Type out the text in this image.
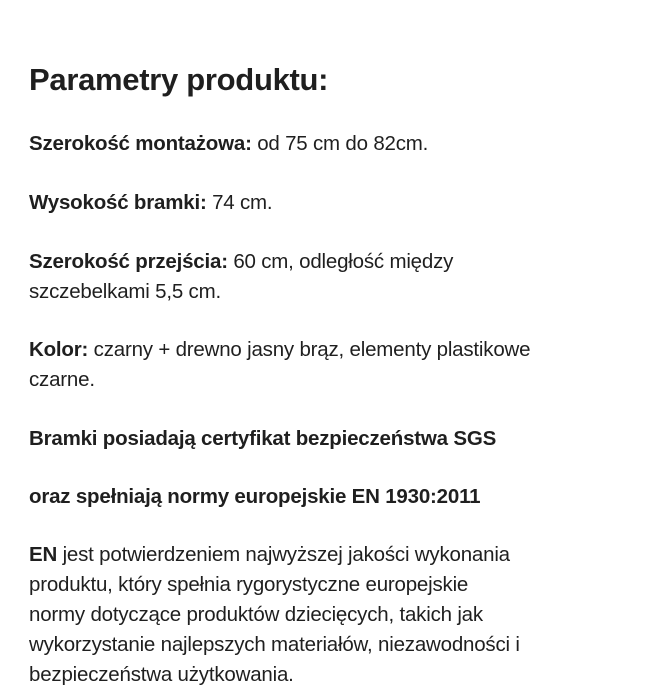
Parametry produktu:

Szerokość montażowa: od 75 cm do 82cm.

Wysokość bramki: 74 cm.

Szerokość przejścia: 60 cm, odległość między
szczebelkami 5,5 cm.

Kolor: czarny + drewno jasny brąz, elementy plastikowe
czarne.

Bramki posiadają certyfikat bezpieczeństwa SGS

oraz spełniają normy europejskie EN 1930:2011

EN jest potwierdzeniem najwyższej jakości wykonania
produktu, który spełnia rygorystyczne europejskie
normy dotyczące produktów dziecięcych, takich jak
wykorzystanie najlepszych materiałów, niezawodności i
bezpieczeństwa użytkowania.
